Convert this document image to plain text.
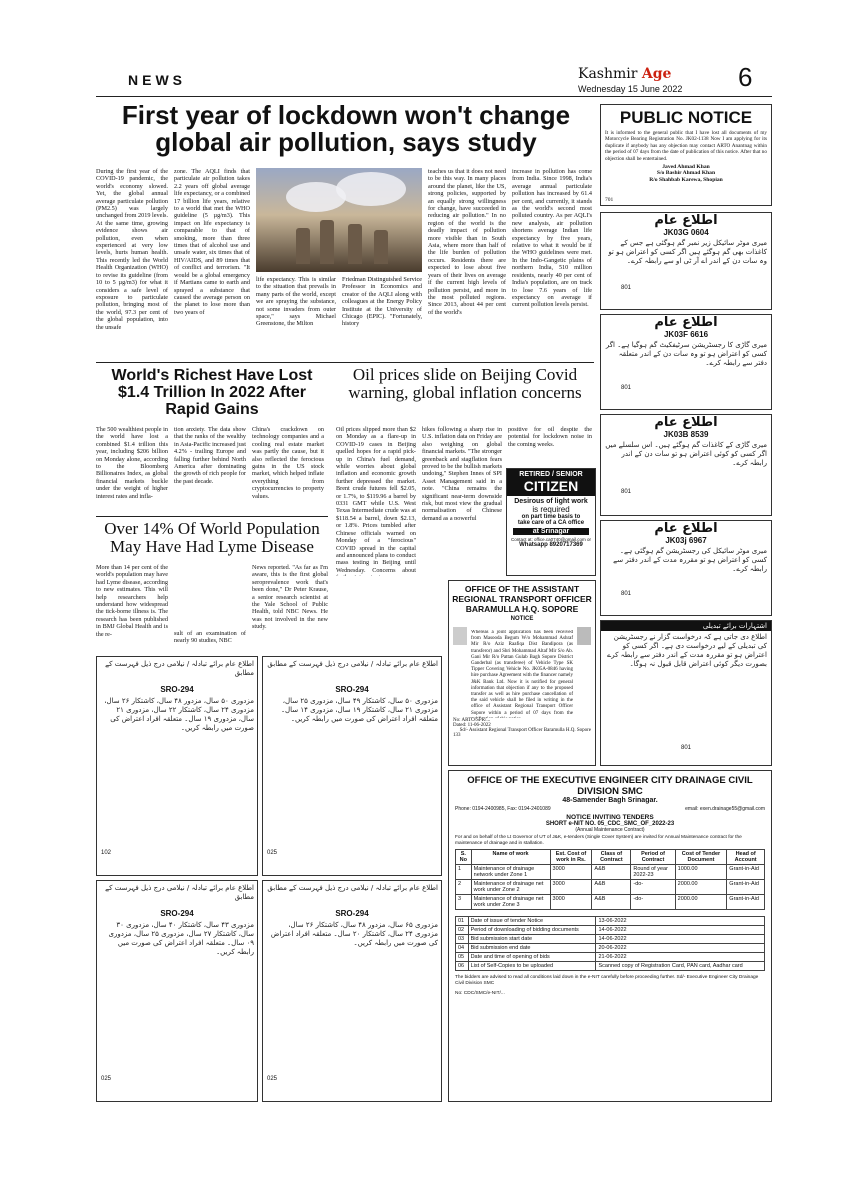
NEWS	Kashmir Age
Wednesday 15 June 2022 6
First year of lockdown won't change global air pollution, says study
During the first year of the COVID-19 pandemic, the world's economy slowed. Yet, the global annual average particulate pollution (PM2.5) was largely unchanged from 2019 levels. At the same time, growing evidence shows air pollution, even when experienced at very low levels, hurts human health. This recently led the World Health Organization (WHO) to revise its guideline (from 10 to 5 µg/m3) for what it considers a safe level of exposure to particulate pollution, bringing most of the world, 97.3 per cent of the global population, into the unsafe
zone. The AQLI finds that particulate air pollution takes 2.2 years off global average life expectancy, or a combined 17 billion life years, relative to a world that met the WHO guideline (5 µg/m3). This impact on life expectancy is comparable to that of smoking, more than three times that of alcohol use and unsafe water, six times that of HIV/AIDS, and 89 times that of conflict and terrorism. "It would be a global emergency if Martians came to earth and sprayed a substance that caused the average person on the planet to lose more than two years of
life expectancy. This is similar to the situation that prevails in many parts of the world, except we are spraying the substance, not some invaders from outer space," says Michael Greenstone, the Milton
Friedman Distinguished Service Professor in Economics and creator of the AQLI along with colleagues at the Energy Policy Institute at the University of Chicago (EPIC). "Fortunately, history
teaches us that it does not need to be this way. In many places around the planet, like the US, strong policies, supported by an equally strong willingness for change, have succeeded in reducing air pollution." In no region of the world is the deadly impact of pollution more visible than in South Asia, where more than half of the life burden of pollution occurs. Residents there are expected to lose about five years of their lives on average if the current high levels of pollution persist, and more in the most polluted regions. Since 2013, about 44 per cent of the world's
increase in pollution has come from India. Since 1998, India's average annual particulate pollution has increased by 61.4 per cent, and currently, it stands as the world's second most polluted country. As per AQLI's new analysis, air pollution shortens average Indian life expectancy by five years, relative to what it would be if the WHO guidelines were met. In the Indo-Gangetic plains of northern India, 510 million residents, nearly 40 per cent of India's population, are on track to lose 7.6 years of life expectancy on average if current pollution levels persist.
PUBLIC NOTICE
It is informed to the general public that I have lost all documents of my Motorcycle Bearing Registration No. JK02-1138 Now I am applying for its duplicate if anybody has any objection may contact ARTO Anantnag within the period of 07 days from the date of publication of this notice. After that no objection shall be entertained.
Javed Ahmad Khan
S/o Bashir Ahmad Khan
R/o Shahbab Karewa, Shopian
701
اطلاع عام
JK03G 0604
میری موٹر سائیکل زیر نمبر گم ہوگئی ہے جس کے کاغذات بھی گم ہوگئے ہیں اگر کسی کو اعتراض ہو تو وہ سات دن کے اندر اے آر ٹی او سے رابطہ کرے۔
801
اطلاع عام
JK03F 6616
میری گاڑی کا رجسٹریشن سرٹیفکیٹ گم ہوگیا ہے۔ اگر کسی کو اعتراض ہو تو وہ سات دن کے اندر متعلقہ دفتر سے رابطہ کرے۔
801
اطلاع عام
JK03B 8539
میری گاڑی کے کاغذات گم ہوگئے ہیں۔ اس سلسلے میں اگر کسی کو کوئی اعتراض ہو تو سات دن کے اندر رابطہ کرے۔
801
اطلاع عام
JK03j 6967
میری موٹر سائیکل کی رجسٹریشن گم ہوگئی ہے۔ کسی کو اعتراض ہو تو مقررہ مدت کے اندر دفتر سے رابطہ کرے۔
801
اشتہارات برائے تبدیلی
اطلاع دی جاتی ہے کہ درخواست گزار نے رجسٹریشن کی تبدیلی کے لیے درخواست دی ہے۔ اگر کسی کو اعتراض ہو تو مقررہ مدت کے اندر دفتر سے رابطہ کرے بصورت دیگر کوئی اعتراض قابل قبول نہ ہوگا۔
801
World's Richest Have Lost $1.4 Trillion In 2022 After Rapid Gains
The 500 wealthiest people in the world have lost a combined $1.4 trillion this year, including $206 billion on Monday alone, according to the Bloomberg Billionaires Index, as global financial markets buckle under the weight of higher interest rates and infla-
tion anxiety. The data show that the ranks of the wealthy in Asia-Pacific increased just 4.2% - trailing Europe and falling further behind North America after dominating the growth of rich people for the past decade.
China's crackdown on technology companies and a cooling real estate market was partly the cause, but it also reflected the ferocious gains in the US stock market, which helped inflate everything from cryptocurrencies to property values.
Oil prices slide on Beijing Covid warning, global inflation concerns
Oil prices slipped more than $2 on Monday as a flare-up in COVID-19 cases in Beijing quelled hopes for a rapid pick-up in China's fuel demand, while worries about global inflation and economic growth further depressed the market. Brent crude futures fell $2.05, or 1.7%, to $119.96 a barrel by 0331 GMT while U.S. West Texas Intermediate crude was at $118.54 a barrel, down $2.13, or 1.8%. Prices tumbled after Chinese officials warned on Monday of a "ferocious" COVID spread in the capital and announced plans to conduct mass testing in Beijing until Wednesday. Concerns about
hikes following a sharp rise in U.S. inflation data on Friday are also weighing on global financial markets. "The stronger greenback and stagflation fears proved to be the bullish markets undoing," Stephen Innes of SPI Asset Management said in a note. "China remains the significant near-term downside risk, but most view the gradual normalisation of Chinese demand as a powerful
positive for oil despite the potential for lockdown noise in the coming weeks.
RETIRED / SENIOR
CITIZEN
Desirous of light work
is required
on part time basis to
take care of a CA office
at Srinagar
Contact at: office.ca0740@gmail.com or
Whatsapp 8920717369
Over 14% Of World Population May Have Had Lyme Disease
More than 14 per cent of the world's population may have had Lyme disease, according to new estimates. This will help researchers help understand how widespread the tick-borne illness is. The research has been published in BMJ Global Health and is the re-	sult of an examination of nearly 90 studies, NBC
News reported. "As far as I'm aware, this is the first global seroprevalence work that's been done," Dr Peter Krause, a senior research scientist at the Yale School of Public Health, told NBC News. He was not involved in the new study.
OFFICE OF THE ASSISTANT
REGIONAL TRANSPORT OFFICER
BARAMULLA H.Q. SOPORE
NOTICE
Whereas a joint application has been received from Masooda Begum W/o Mohammad Ashraf Mir R/o Aziz Raafiqa Dist Bandipora (as transferor) and Shri Mohammad Altaf Mir S/o Ab. Gani Mir R/o Pattan Gulab Bagh Sopore District Ganderbal (as transferee) of Vehicle Type SK Tipper Covering Vehicle No. JK05A-0846 having hire purchase Agreement with the financer namely J&K Bank Ltd. Now it is notified for general information that objection if any to the proposed transfer as well as hire purchase cancellation of the said vehicle shall be filed in writing in the office of Assistant Regional Transport Officer Sopore within a period of 07 days from the
No: ARTO/SPR/...
Dated: 11-06-2022
Sd/- Assistant Regional Transport Officer Baramulla H.Q. Sopore
133
اطلاع عام برائے تبادلہ / نیلامی درج ذیل فہرست کے مطابق
SRO-294
مزدوری ۵۰ سال، مزدور ۴۸ سال، کاشتکار ۲۶ سال، مزدوری ۲۴ سال، کاشتکار ۲۲ سال، مزدوری ۲۱ سال، مزدوری ۱۹ سال۔ متعلقہ افراد اعتراض کی صورت میں رابطہ کریں۔
102
اطلاع عام برائے تبادلہ / نیلامی درج ذیل فہرست کے مطابق
SRO-294
مزدوری ۵۰ سال، کاشتکار ۴۹ سال، مزدوری ۲۵ سال، مزدوری ۲۱ سال، کاشتکار ۱۹ سال، مزدوری ۱۴ سال۔ متعلقہ افراد اعتراض کی صورت میں رابطہ کریں۔
025
اطلاع عام برائے تبادلہ / نیلامی درج ذیل فہرست کے مطابق
SRO-294
مزدوری ۴۳ سال، کاشتکار ۴۰ سال، مزدوری ۳۰ سال، کاشتکار ۲۷ سال، مزدوری ۲۵ سال، مزدوری ۰۹ سال۔ متعلقہ افراد اعتراض کی صورت میں رابطہ کریں۔
025
اطلاع عام برائے تبادلہ / نیلامی درج ذیل فہرست کے مطابق
SRO-294
مزدوری ۶۵ سال، مزدور ۴۸ سال، کاشتکار ۲۶ سال، مزدوری ۲۴ سال، کاشتکار ۲۰ سال۔ متعلقہ افراد اعتراض کی صورت میں رابطہ کریں۔
025
OFFICE OF THE EXECUTIVE ENGINEER CITY DRAINAGE CIVIL DIVISION SMC
48-Samender Bagh Srinagar.
Phone: 0194-2400985, Fax: 0194-2401089	email: exen.drainage55@gmail.com
NOTICE INVITING TENDERS
SHORT e-NIT NO. 05_CDC_SMC_OF_2022-23
(Annual Maintenance Contract)
For and on behalf of the Lt Governor of UT of J&K, e-tenders (Single Cover System) are invited for Annual Maintenance contract for the maintenance of drainage and in stallation.
S. No	Name of work	Est. Cost of work in Rs.	Class of Contract	Period of Contract	Cost of Tender Document	Head of Account
1	Maintenance of drainage network under Zone 1	3000	A&B	Round of year 2022-23	1000.00	Grant-in-Aid
2	Maintenance of drainage net work under Zone 2	3000	A&B	-do-	2000.00	Grant-in-Aid
3	Maintenance of drainage net work under Zone 3	3000	A&B	-do-	2000.00	Grant-in-Aid
01	Date of issue of tender Notice	13-06-2022
02	Period of downloading of bidding documents	14-06-2022
03	Bid submission start date	14-06-2022
04	Bid submission end date	20-06-2022
05	Date and time of opening of bids	21-06-2022
06	List of Self-Copies to be uploaded	Scanned copy of Registration Card, PAN card, Aadhar card
The bidders are advised to read all conditions laid down in the e-NIT carefully before proceeding further. Sd/- Executive Engineer City Drainage Civil Division SMC
No: CDC/SMC/e-NIT/...
